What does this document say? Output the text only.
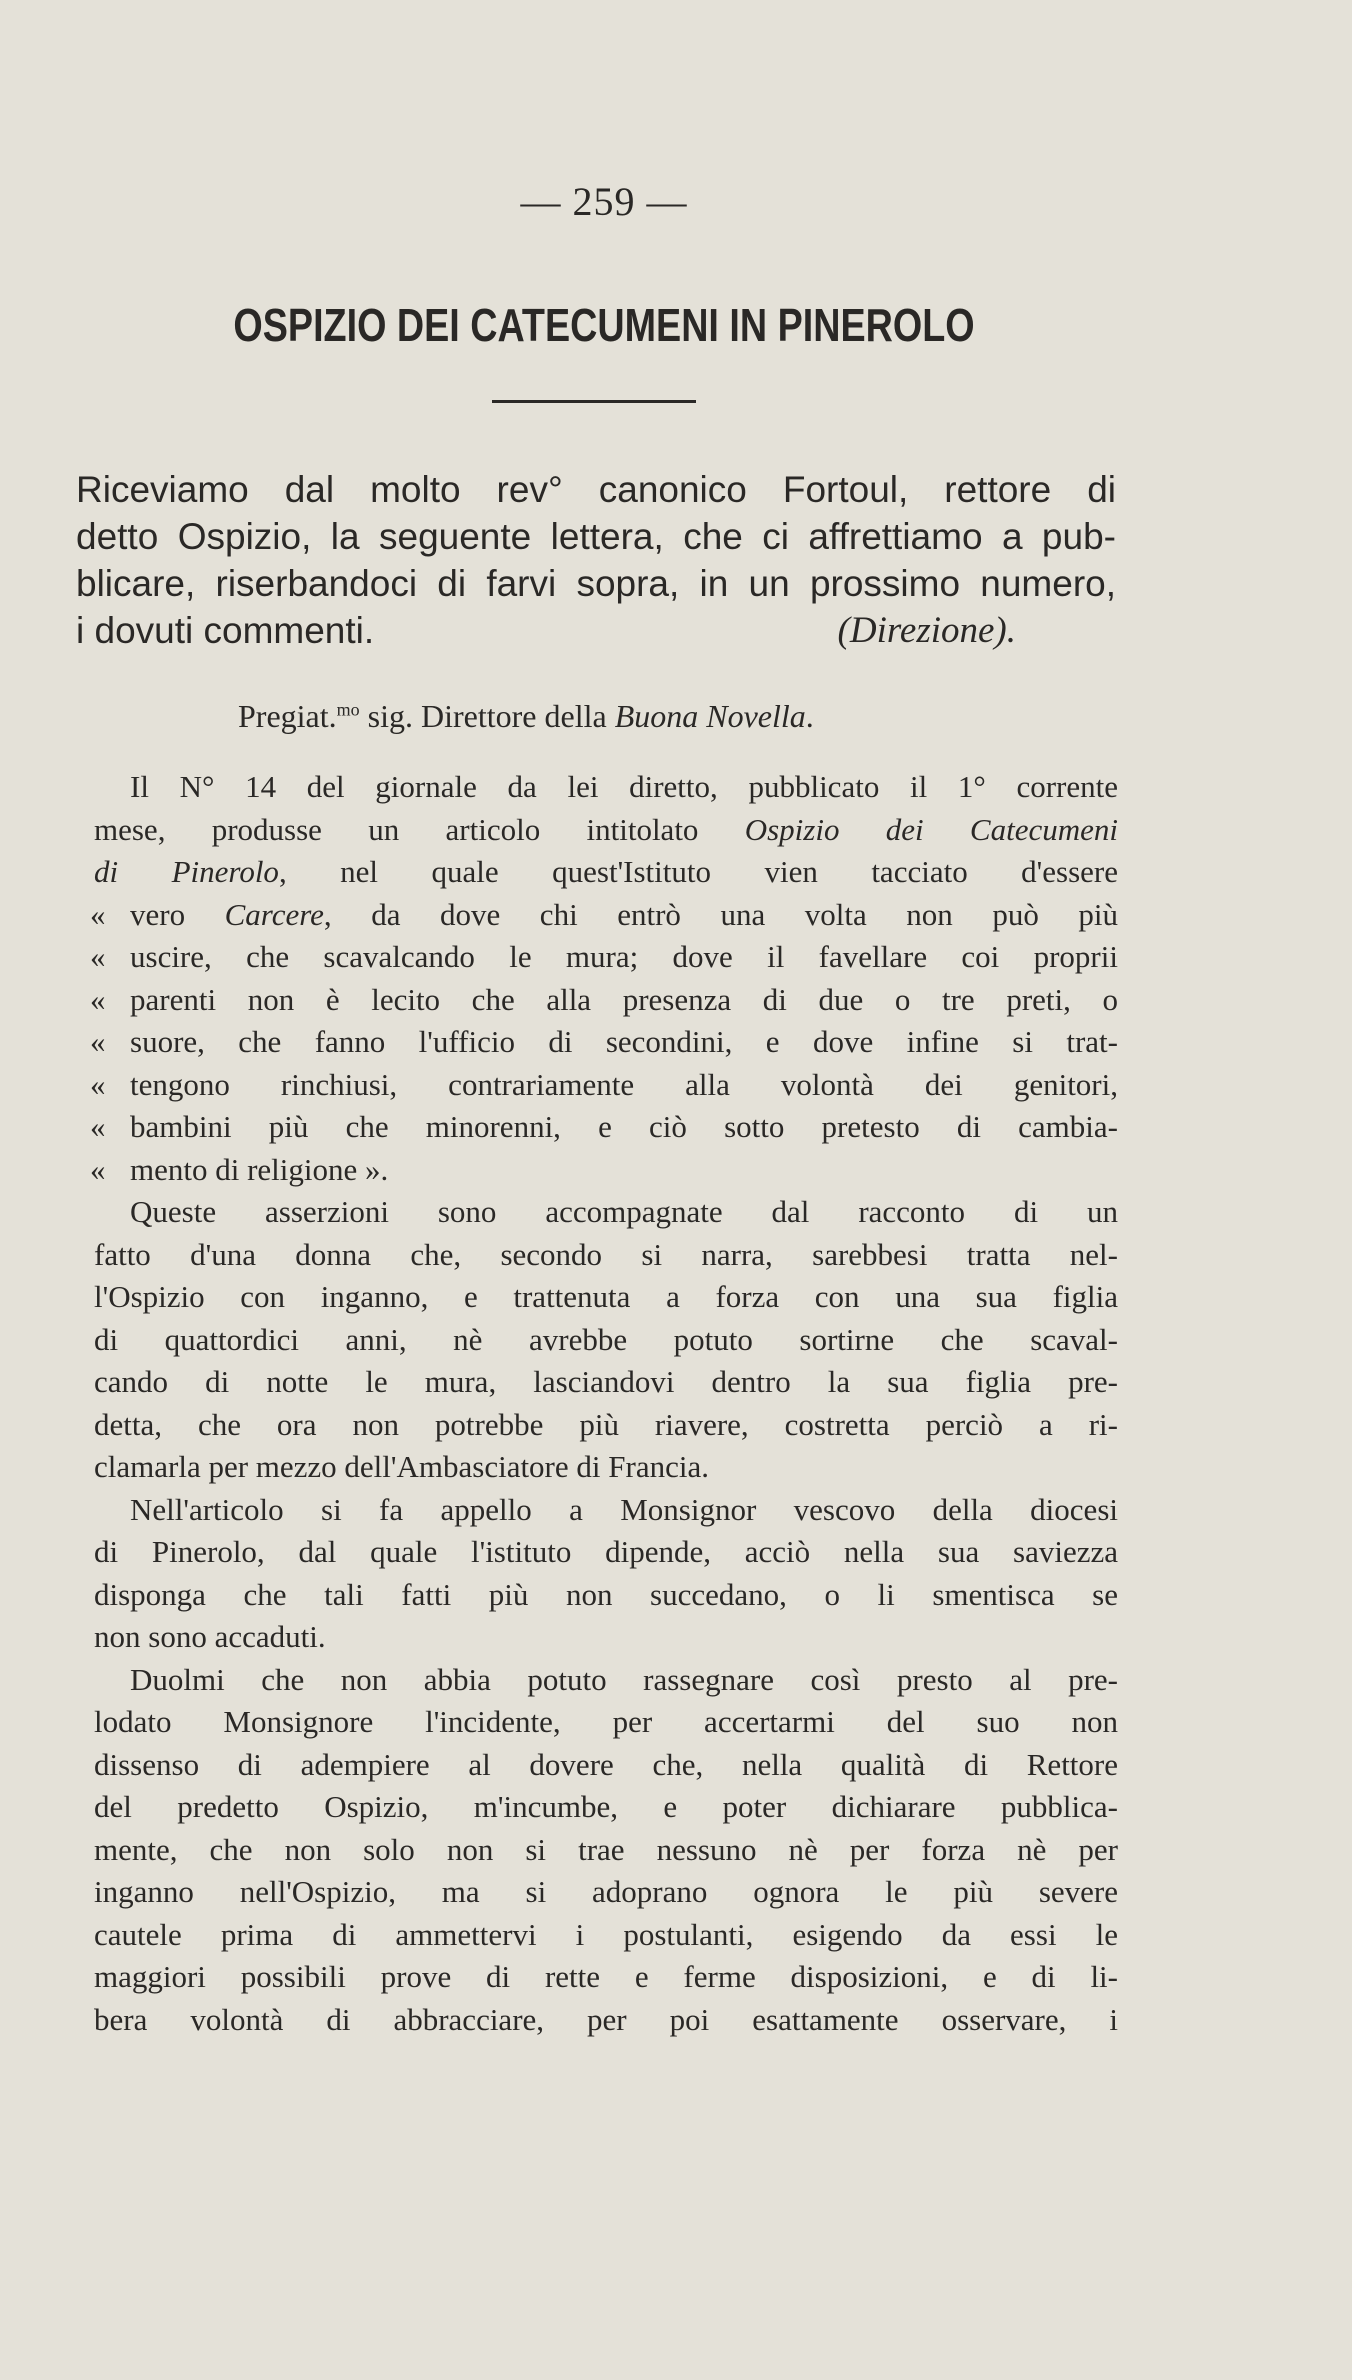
— 259 —
OSPIZIO DEI CATECUMENI IN PINEROLO
Riceviamo dal molto rev° canonico Fortoul, rettore di
detto Ospizio, la seguente lettera, che ci affrettiamo a pub-
blicare, riserbandoci di farvi sopra, in un prossimo numero,
i dovuti commenti.	(Direzione).

Pregiat.$^{mo}$ sig. Direttore della Buona Novella.

Il N° 14 del giornale da lei diretto, pubblicato il 1° corrente
mese, produsse un articolo intitolato Ospizio dei Catecumeni
di Pinerolo, nel quale quest'Istituto vien tacciato d'essere
« vero Carcere, da dove chi entrò una volta non può più
« uscire, che scavalcando le mura; dove il favellare coi proprii
« parenti non è lecito che alla presenza di due o tre preti, o
« suore, che fanno l'ufficio di secondini, e dove infine si trat-
« tengono rinchiusi, contrariamente alla volontà dei genitori,
« bambini più che minorenni, e ciò sotto pretesto di cambia-
« mento di religione ».

Queste asserzioni sono accompagnate dal racconto di un
fatto d'una donna che, secondo si narra, sarebbesi tratta nel-
l'Ospizio con inganno, e trattenuta a forza con una sua figlia
di quattordici anni, nè avrebbe potuto sortirne che scaval-
cando di notte le mura, lasciandovi dentro la sua figlia pre-
detta, che ora non potrebbe più riavere, costretta perciò a ri-
clamarla per mezzo dell'Ambasciatore di Francia.

Nell'articolo si fa appello a Monsignor vescovo della diocesi
di Pinerolo, dal quale l'istituto dipende, acciò nella sua saviezza
disponga che tali fatti più non succedano, o li smentisca se
non sono accaduti.

Duolmi che non abbia potuto rassegnare così presto al pre-
lodato Monsignore l'incidente, per accertarmi del suo non
dissenso di adempiere al dovere che, nella qualità di Rettore
del predetto Ospizio, m'incumbe, e poter dichiarare pubblica-
mente, che non solo non si trae nessuno nè per forza nè per
inganno nell'Ospizio, ma si adoprano ognora le più severe
cautele prima di ammettervi i postulanti, esigendo da essi le
maggiori possibili prove di rette e ferme disposizioni, e di li-
bera volontà di abbracciare, per poi esattamente osservare, i
